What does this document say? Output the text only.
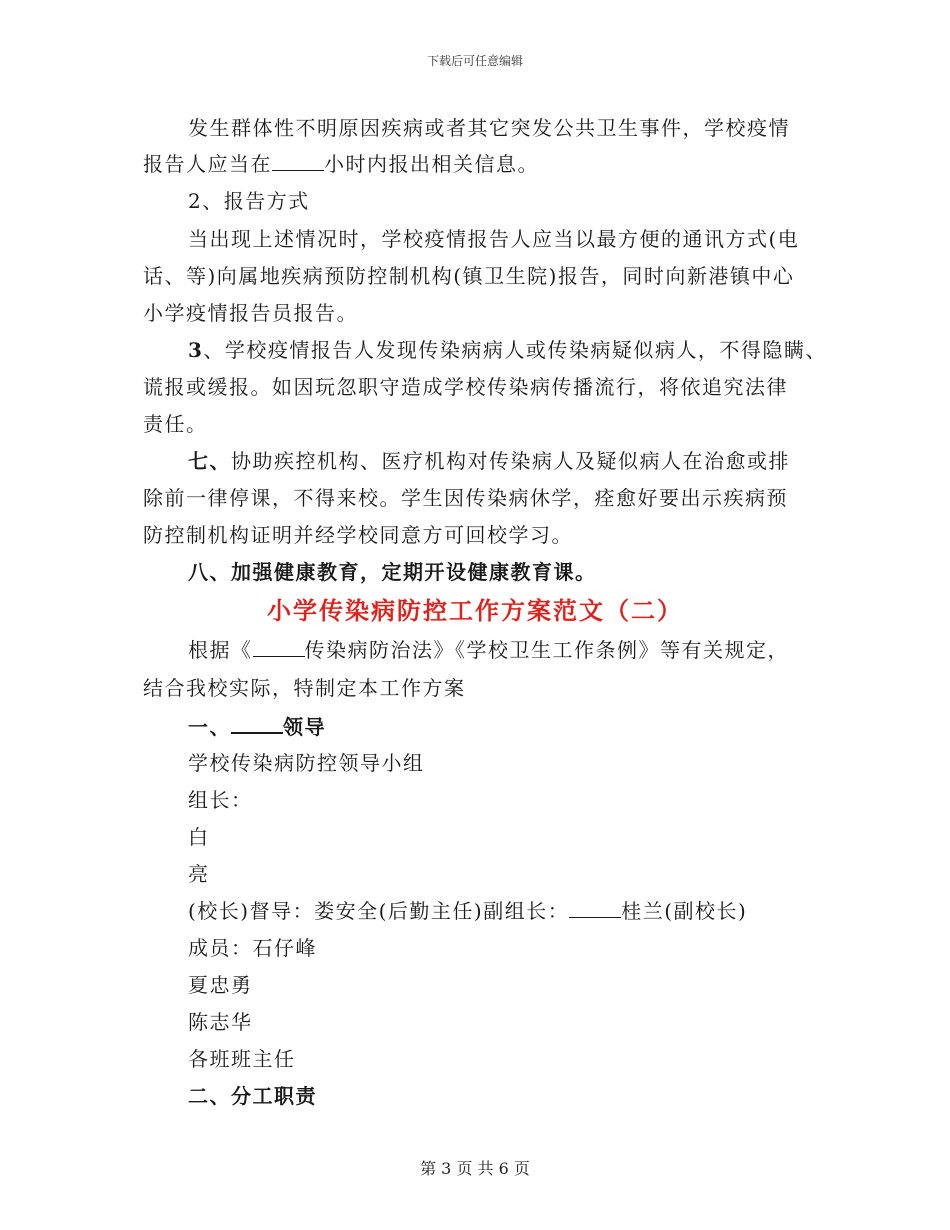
下载后可任意编辑
发生群体性不明原因疾病或者其它突发公共卫生事件，学校疫情
报告人应当在	小时内报出相关信息。
2、报告方式
当出现上述情况时，学校疫情报告人应当以最方便的通讯方式(电
话、等)向属地疾病预防控制机构(镇卫生院)报告，同时向新港镇中心
小学疫情报告员报告。
3、学校疫情报告人发现传染病病人或传染病疑似病人，不得隐瞒、
谎报或缓报。如因玩忽职守造成学校传染病传播流行，将依追究法律
责任。
七、协助疾控机构、医疗机构对传染病人及疑似病人在治愈或排
除前一律停课，不得来校。学生因传染病休学，痊愈好要出示疾病预
防控制机构证明并经学校同意方可回校学习。
八、加强健康教育，定期开设健康教育课。
小学传染病防控工作方案范文（二）
根据《	传染病防治法》《学校卫生工作条例》等有关规定，
结合我校实际，特制定本工作方案
一、	领导
学校传染病防控领导小组
组长：
白
亮
(校长)督导：娄安全(后勤主任)副组长：	桂兰(副校长)
成员：石仔峰
夏忠勇
陈志华
各班班主任
二、分工职责
第 3 页 共 6 页
